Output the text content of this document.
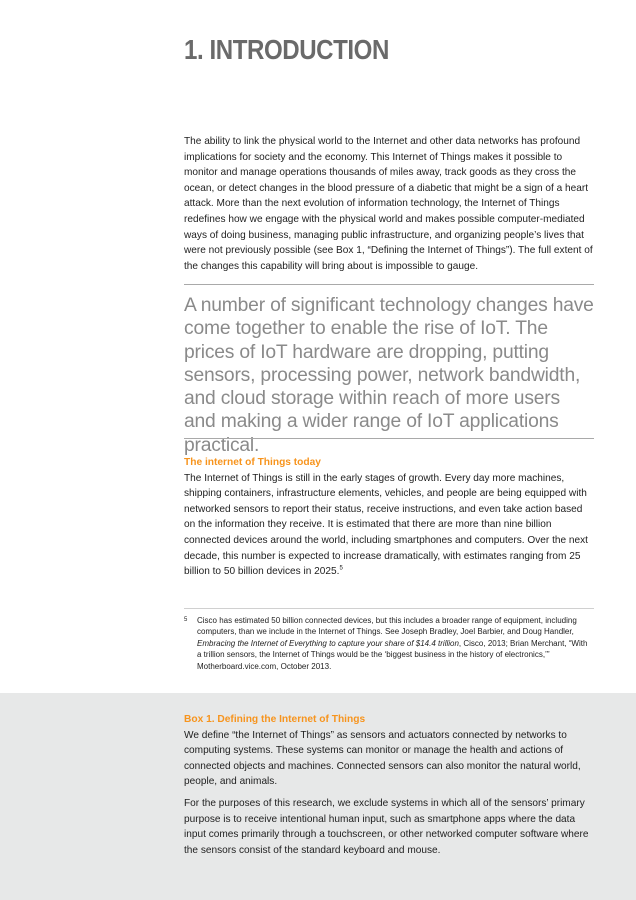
1. INTRODUCTION

The ability to link the physical world to the Internet and other data networks has profound implications for society and the economy. This Internet of Things makes it possible to monitor and manage operations thousands of miles away, track goods as they cross the ocean, or detect changes in the blood pressure of a diabetic that might be a sign of a heart attack. More than the next evolution of information technology, the Internet of Things redefines how we engage with the physical world and makes possible computer-mediated ways of doing business, managing public infrastructure, and organizing people’s lives that were not previously possible (see Box 1, “Defining the Internet of Things”). The full extent of the changes this capability will bring about is impossible to gauge.

A number of significant technology changes have come together to enable the rise of IoT. The prices of IoT hardware are dropping, putting sensors, processing power, network bandwidth, and cloud storage within reach of more users and making a wider range of IoT applications practical.

The internet of Things today

The Internet of Things is still in the early stages of growth. Every day more machines, shipping containers, infrastructure elements, vehicles, and people are being equipped with networked sensors to report their status, receive instructions, and even take action based on the information they receive. It is estimated that there are more than nine billion connected devices around the world, including smartphones and computers. Over the next decade, this number is expected to increase dramatically, with estimates ranging from 25 billion to 50 billion devices in 2025.$^5$

5 Cisco has estimated 50 billion connected devices, but this includes a broader range of equipment, including computers, than we include in the Internet of Things. See Joseph Bradley, Joel Barbier, and Doug Handler, Embracing the Internet of Everything to capture your share of $14.4 trillion, Cisco, 2013; Brian Merchant, “With a trillion sensors, the Internet of Things would be the ‘biggest business in the history of electronics,’” Motherboard.vice.com, October 2013.

Box 1. Defining the Internet of Things

We define “the Internet of Things” as sensors and actuators connected by networks to computing systems. These systems can monitor or manage the health and actions of connected objects and machines. Connected sensors can also monitor the natural world, people, and animals.

For the purposes of this research, we exclude systems in which all of the sensors’ primary purpose is to receive intentional human input, such as smartphone apps where the data input comes primarily through a touchscreen, or other networked computer software where the sensors consist of the standard keyboard and mouse.
